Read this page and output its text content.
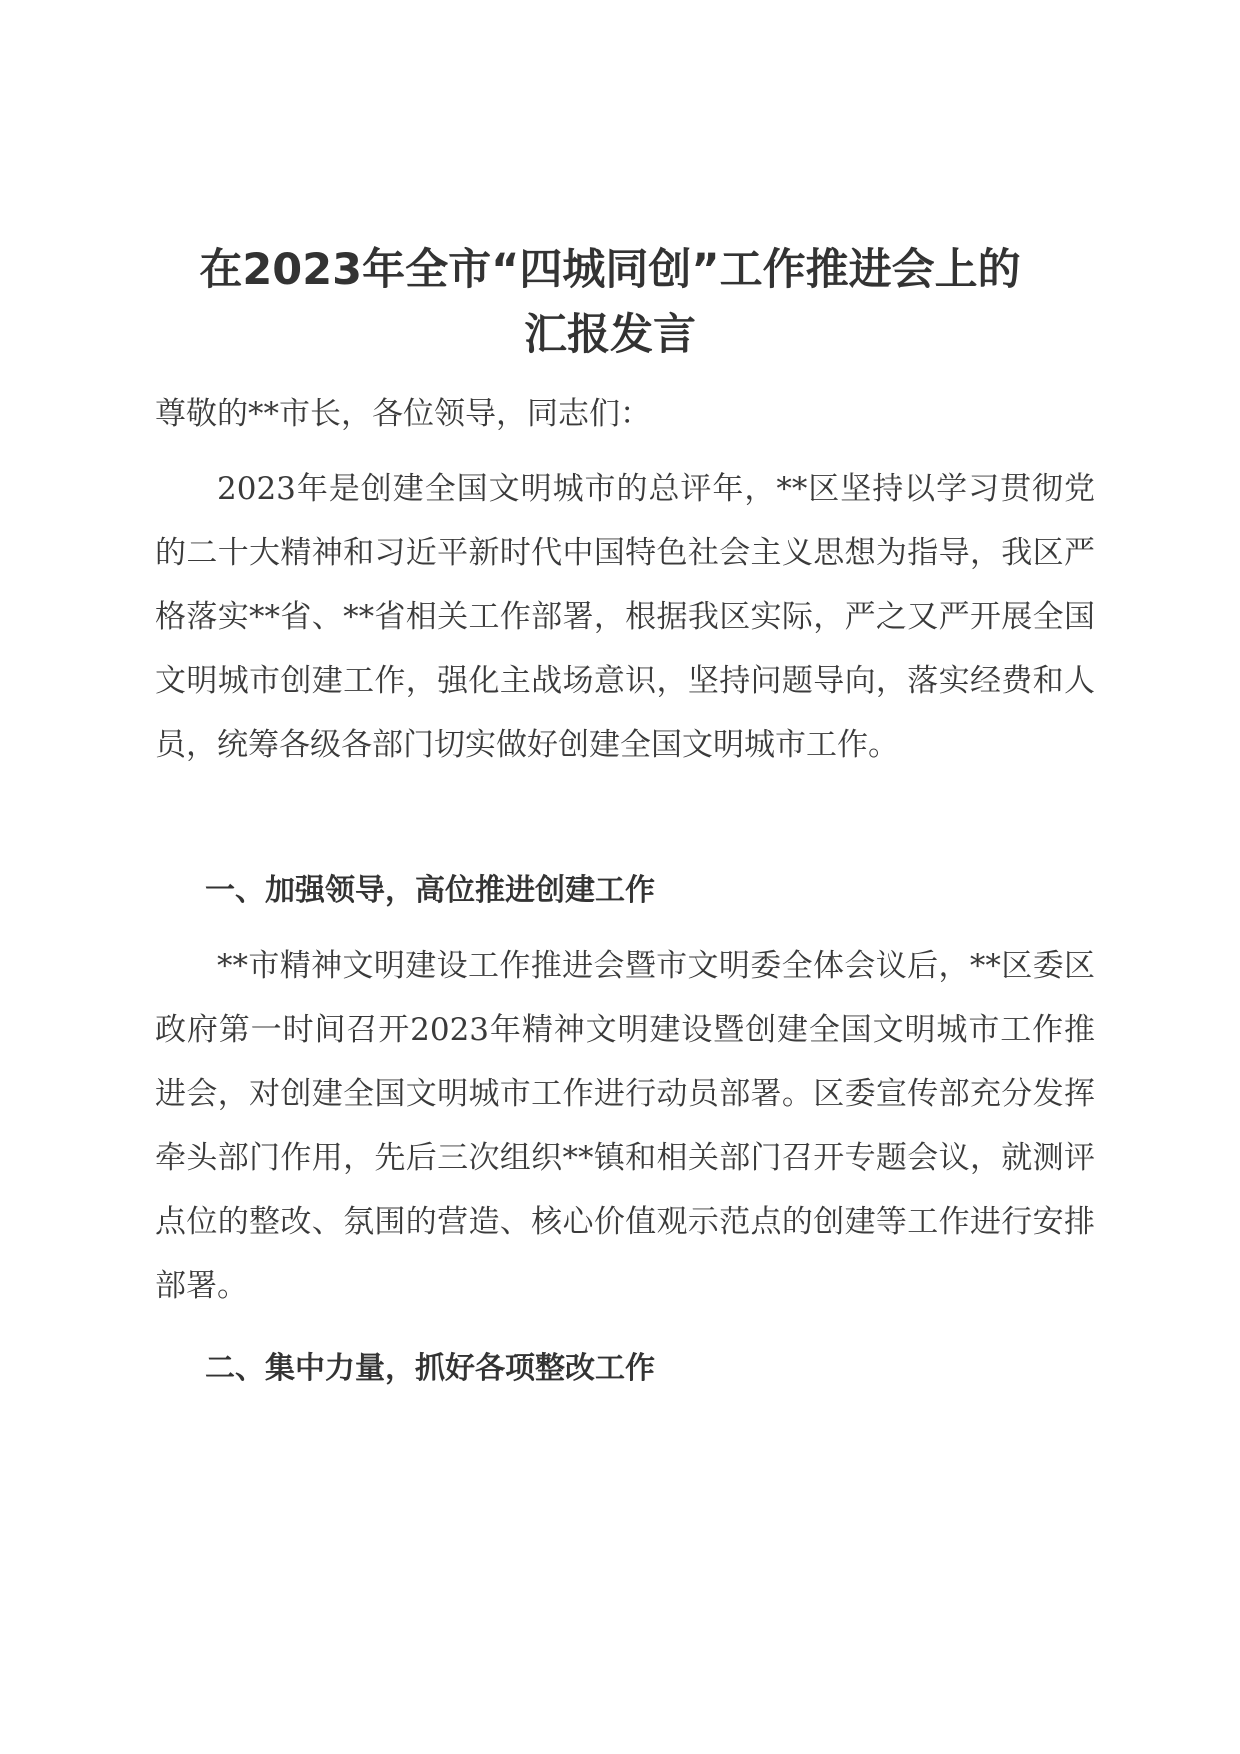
在2023年全市“四城同创”工作推进会上的
汇报发言

尊敬的**市长，各位领导，同志们：

2023年是创建全国文明城市的总评年，**区坚持以学习贯彻党的二十大精神和习近平新时代中国特色社会主义思想为指导，我区严格落实**省、**省相关工作部署，根据我区实际，严之又严开展全国文明城市创建工作，强化主战场意识，坚持问题导向，落实经费和人员，统筹各级各部门切实做好创建全国文明城市工作。

一、加强领导，高位推进创建工作

**市精神文明建设工作推进会暨市文明委全体会议后，**区委区政府第一时间召开2023年精神文明建设暨创建全国文明城市工作推进会，对创建全国文明城市工作进行动员部署。区委宣传部充分发挥牵头部门作用，先后三次组织**镇和相关部门召开专题会议，就测评点位的整改、氛围的营造、核心价值观示范点的创建等工作进行安排部署。

二、集中力量，抓好各项整改工作
